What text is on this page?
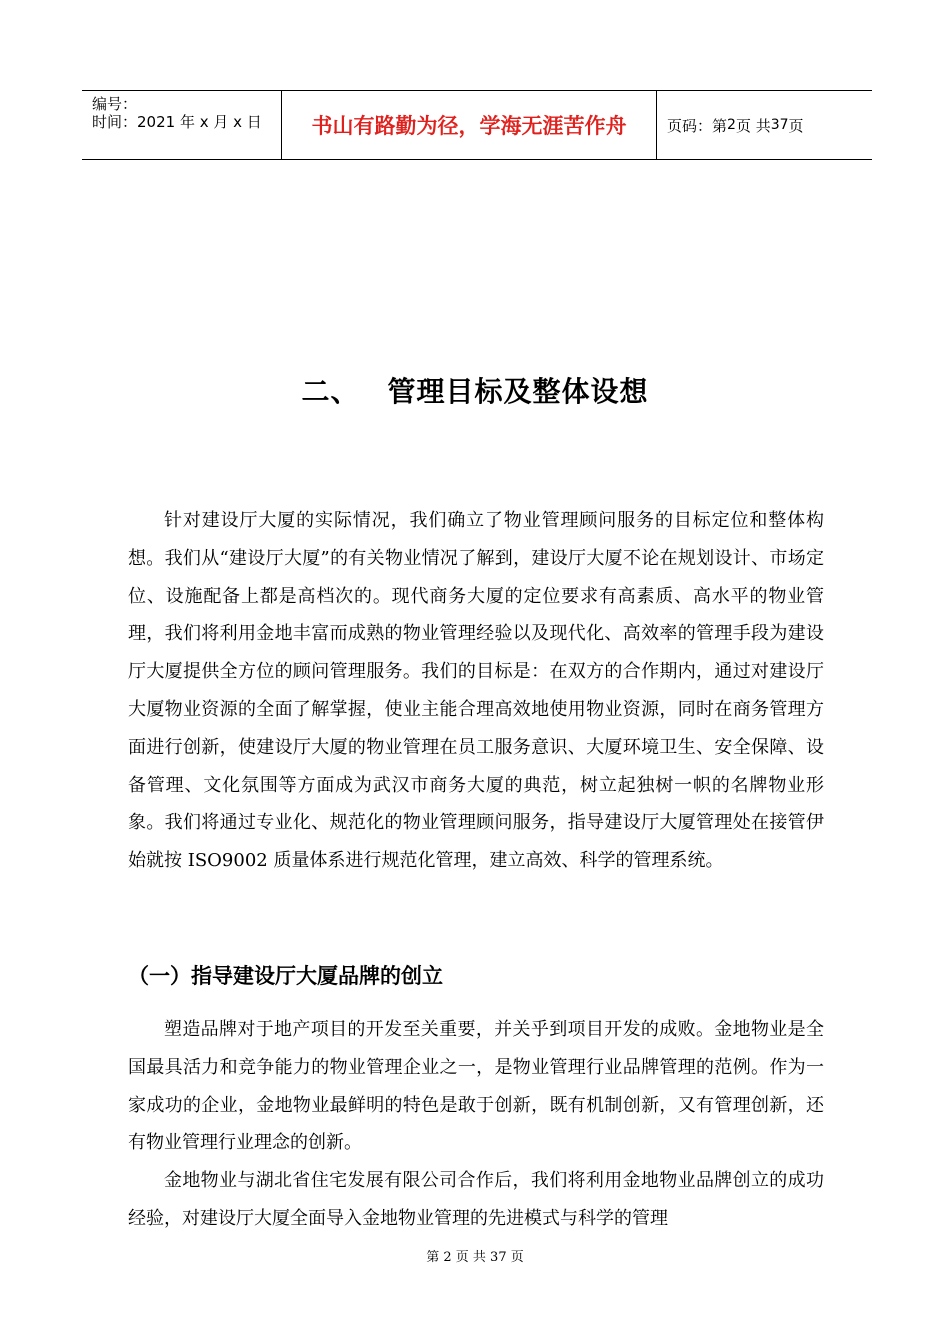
编号：
时间：2021 年 x 月 x 日	书山有路勤为径，学海无涯苦作舟	页码：第 2 页 共 37 页
二、 管理目标及整体设想

针对建设厅大厦的实际情况，我们确立了物业管理顾问服务的目标定位和整体构想。我们从“建设厅大厦”的有关物业情况了解到，建设厅大厦不论在规划设计、市场定位、设施配备上都是高档次的。现代商务大厦的定位要求有高素质、高水平的物业管理，我们将利用金地丰富而成熟的物业管理经验以及现代化、高效率的管理手段为建设厅大厦提供全方位的顾问管理服务。我们的目标是：在双方的合作期内，通过对建设厅大厦物业资源的全面了解掌握，使业主能合理高效地使用物业资源，同时在商务管理方面进行创新，使建设厅大厦的物业管理在员工服务意识、大厦环境卫生、安全保障、设备管理、文化氛围等方面成为武汉市商务大厦的典范，树立起独树一帜的名牌物业形象。我们将通过专业化、规范化的物业管理顾问服务，指导建设厅大厦管理处在接管伊始就按 ISO9002 质量体系进行规范化管理，建立高效、科学的管理系统。

（一）指导建设厅大厦品牌的创立

塑造品牌对于地产项目的开发至关重要，并关乎到项目开发的成败。金地物业是全国最具活力和竞争能力的物业管理企业之一，是物业管理行业品牌管理的范例。作为一家成功的企业，金地物业最鲜明的特色是敢于创新，既有机制创新，又有管理创新，还有物业管理行业理念的创新。

金地物业与湖北省住宅发展有限公司合作后，我们将利用金地物业品牌创立的成功经验，对建设厅大厦全面导入金地物业管理的先进模式与科学的管理

第 2 页 共 37 页
